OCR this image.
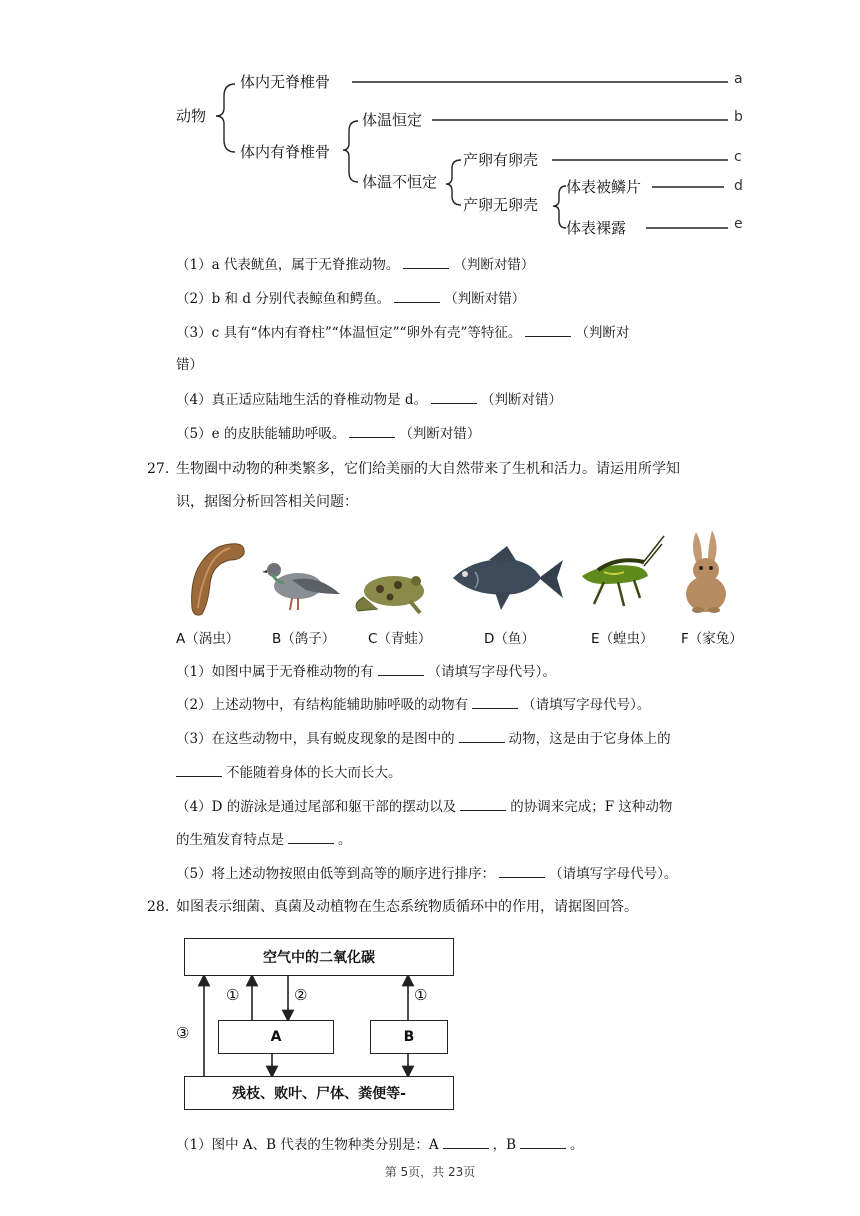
动物
体内无脊椎骨
体内有脊椎骨
体温恒定
体温不恒定
产卵有卵壳
产卵无卵壳
体表被鳞片
体表裸露
a
b
c
d
e
（1）a 代表鱿鱼，属于无脊推动物。	（判断对错）
（2）b 和 d 分别代表鲸鱼和鳄鱼。	（判断对错）
（3）c 具有“体内有脊柱”“体温恒定”“卵外有壳”等特征。	（判断对
错）
（4）真正适应陆地生活的脊椎动物是 d。	（判断对错）
（5）e 的皮肤能辅助呼吸。	（判断对错）
27. 生物圈中动物的种类繁多，它们给美丽的大自然带来了生机和活力。请运用所学知
识，据图分析回答相关问题：
A（涡虫） B（鸽子） C（青蛙）	D（鱼）	E（蝗虫） F（家兔）
（1）如图中属于无脊椎动物的有	（请填写字母代号）。
（2）上述动物中，有结构能辅助肺呼吸的动物有	（请填写字母代号）。
（3）在这些动物中，具有蜕皮现象的是图中的	动物，这是由于它身体上的
不能随着身体的长大而长大。
（4）D 的游泳是通过尾部和躯干部的摆动以及	的协调来完成；F 这种动物
的生殖发育特点是	。
（5）将上述动物按照由低等到高等的顺序进行排序：	（请填写字母代号）。
28. 如图表示细菌、真菌及动植物在生态系统物质循环中的作用，请据图回答。
空气中的二氧化碳
A	B
残枝、败叶、尸体、粪便等-
③
①	②	①
（1）图中 A、B 代表的生物种类分别是：A	，B	。
第 5页，共 23页
